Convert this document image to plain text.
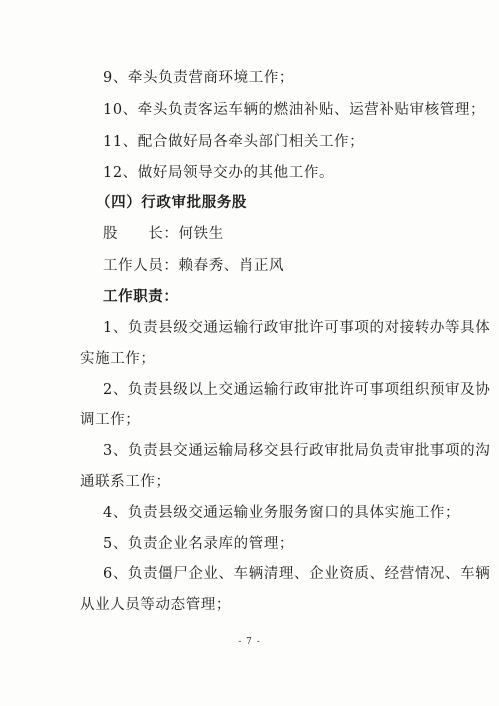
9、牵头负责营商环境工作；
10、牵头负责客运车辆的燃油补贴、运营补贴审核管理；
11、配合做好局各牵头部门相关工作；
12、做好局领导交办的其他工作。
（四）行政审批服务股
股　　长：何铁生
工作人员：赖春秀、肖正风
工作职责：
1、负责县级交通运输行政审批许可事项的对接转办等具体
实施工作；
2、负责县级以上交通运输行政审批许可事项组织预审及协
调工作；
3、负责县交通运输局移交县行政审批局负责审批事项的沟
通联系工作；
4、负责县级交通运输业务服务窗口的具体实施工作；
5、负责企业名录库的管理；
6、负责僵尸企业、车辆清理、企业资质、经营情况、车辆
从业人员等动态管理；
- 7 -
